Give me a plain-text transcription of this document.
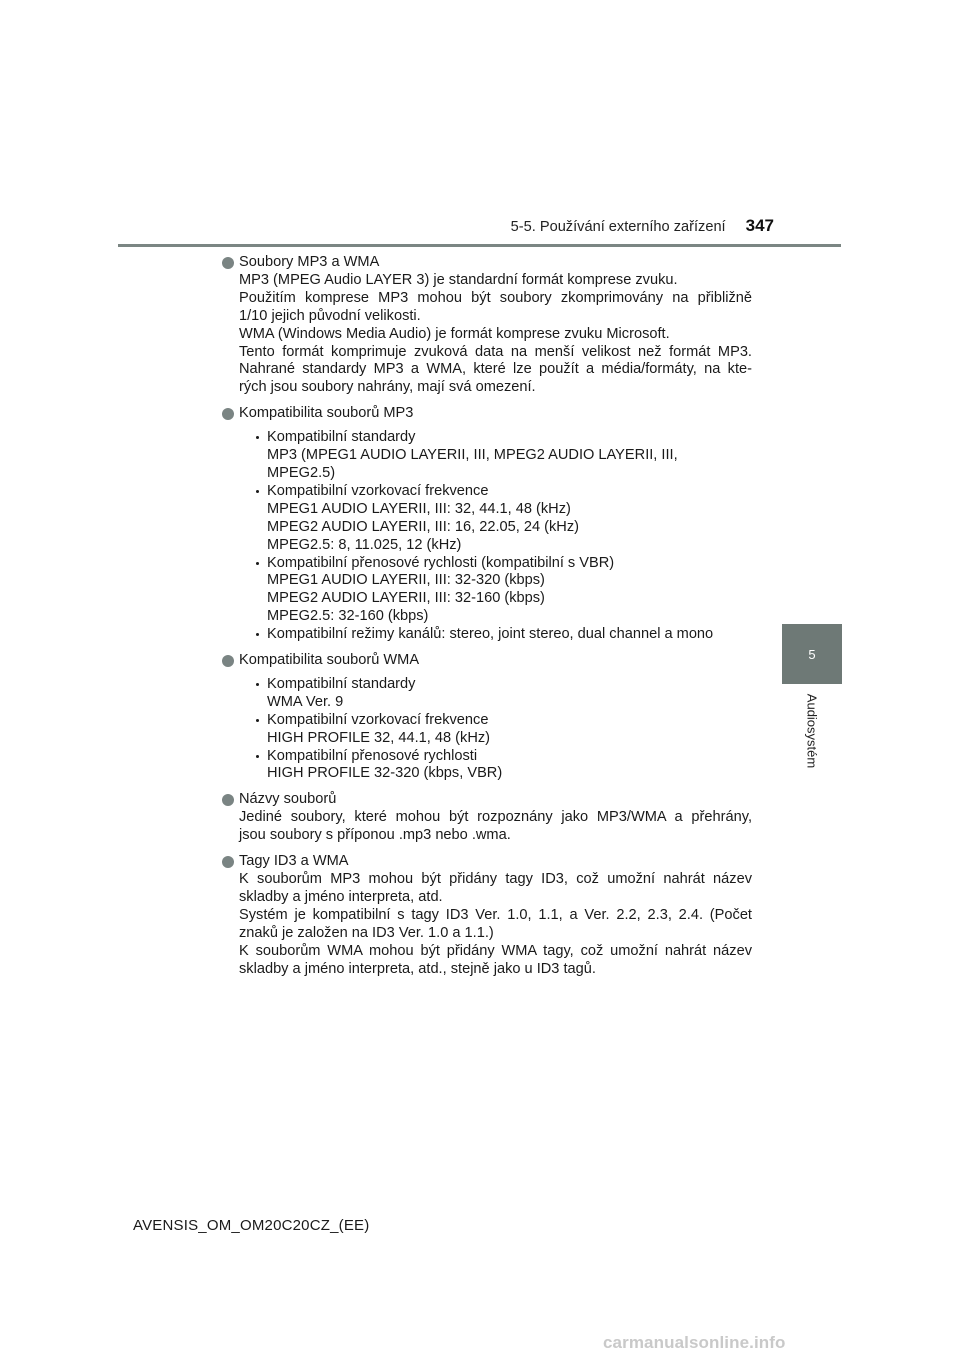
5-5. Používání externího zařízení 347
5
Audiosystém
Soubory MP3 a WMA
MP3 (MPEG Audio LAYER 3) je standardní formát komprese zvuku.
Použitím komprese MP3 mohou být soubory zkomprimovány na přibližně
1/10 jejich původní velikosti.
WMA (Windows Media Audio) je formát komprese zvuku Microsoft.
Tento formát komprimuje zvuková data na menší velikost než formát MP3.
Nahrané standardy MP3 a WMA, které lze použít a média/formáty, na kte-
rých jsou soubory nahrány, mají svá omezení.
Kompatibilita souborů MP3
Kompatibilní standardy
MP3 (MPEG1 AUDIO LAYERII, III, MPEG2 AUDIO LAYERII, III,
MPEG2.5)
Kompatibilní vzorkovací frekvence
MPEG1 AUDIO LAYERII, III: 32, 44.1, 48 (kHz)
MPEG2 AUDIO LAYERII, III: 16, 22.05, 24 (kHz)
MPEG2.5: 8, 11.025, 12 (kHz)
Kompatibilní přenosové rychlosti (kompatibilní s VBR)
MPEG1 AUDIO LAYERII, III: 32-320 (kbps)
MPEG2 AUDIO LAYERII, III: 32-160 (kbps)
MPEG2.5: 32-160 (kbps)
Kompatibilní režimy kanálů: stereo, joint stereo, dual channel a mono
Kompatibilita souborů WMA
Kompatibilní standardy
WMA Ver. 9
Kompatibilní vzorkovací frekvence
HIGH PROFILE 32, 44.1, 48 (kHz)
Kompatibilní přenosové rychlosti
HIGH PROFILE 32-320 (kbps, VBR)
Názvy souborů
Jediné soubory, které mohou být rozpoznány jako MP3/WMA a přehrány,
jsou soubory s příponou .mp3 nebo .wma.
Tagy ID3 a WMA
K souborům MP3 mohou být přidány tagy ID3, což umožní nahrát název
skladby a jméno interpreta, atd.
Systém je kompatibilní s tagy ID3 Ver. 1.0, 1.1, a Ver. 2.2, 2.3, 2.4. (Počet
znaků je založen na ID3 Ver. 1.0 a 1.1.)
K souborům WMA mohou být přidány WMA tagy, což umožní nahrát název
skladby a jméno interpreta, atd., stejně jako u ID3 tagů.
AVENSIS_OM_OM20C20CZ_(EE)
carmanualsonline.info
